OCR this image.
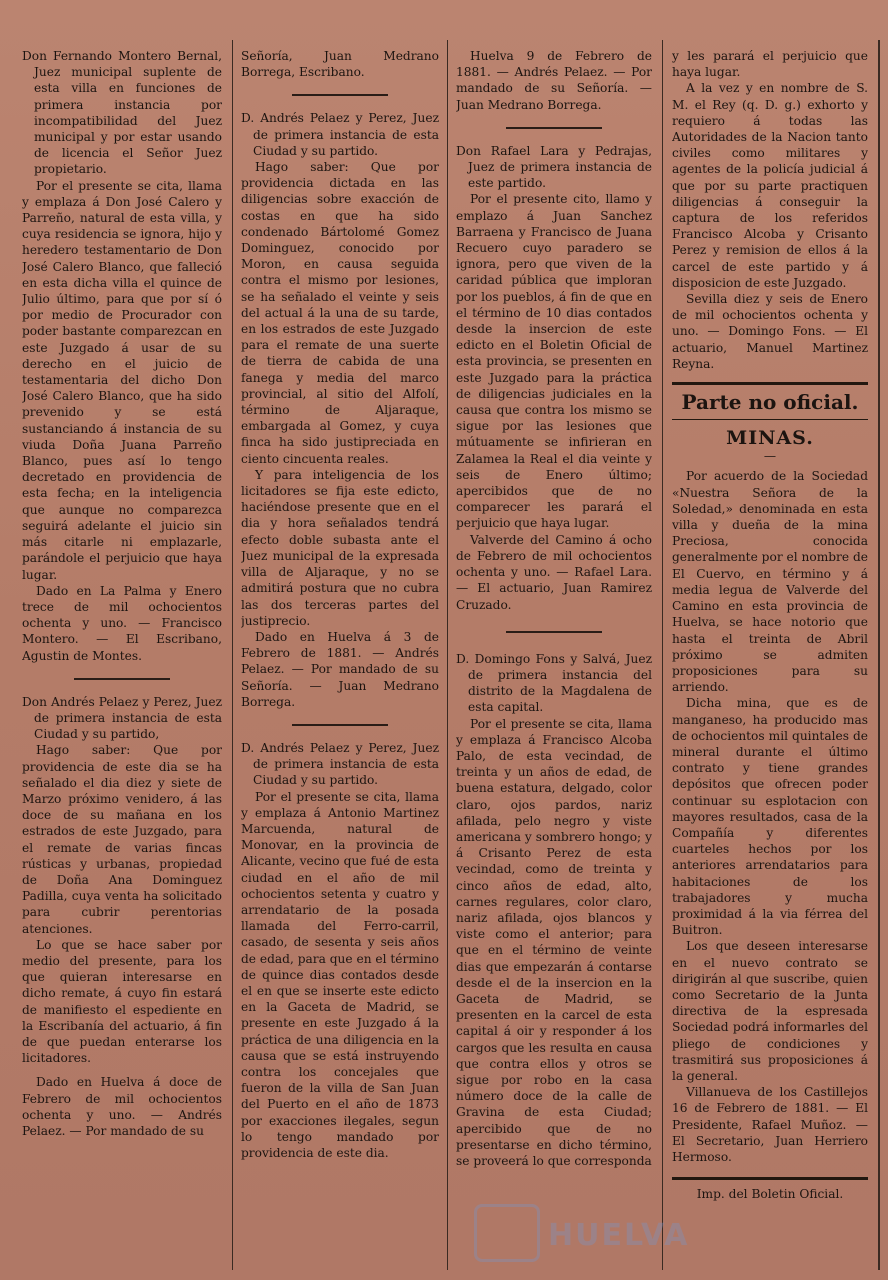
Don Fernando Montero Bernal, Juez municipal suplente de esta villa en funciones de primera instancia por incompatibilidad del Juez municipal y por estar usando de licencia el Señor Juez propietario.

Por el presente se cita, llama y emplaza á Don José Calero y Parreño, natural de esta villa, y cuya residencia se ignora, hijo y heredero testamentario de Don José Calero Blanco, que falleció en esta dicha villa el quince de Julio último, para que por sí ó por medio de Procurador con poder bastante comparezcan en este Juzgado á usar de su derecho en el juicio de testamentaria del dicho Don José Calero Blanco, que ha sido prevenido y se está sustanciando á instancia de su viuda Doña Juana Parreño Blanco, pues así lo tengo decretado en providencia de esta fecha; en la inteligencia que aunque no comparezca seguirá adelante el juicio sin más citarle ni emplazarle, parándole el perjuicio que haya lugar.

Dado en La Palma y Enero trece de mil ochocientos ochenta y uno. — Francisco Montero. — El Escribano, Agustin de Montes.

Don Andrés Pelaez y Perez, Juez de primera instancia de esta Ciudad y su partido,

Hago saber: Que por providencia de este dia se ha señalado el dia diez y siete de Marzo próximo venidero, á las doce de su mañana en los estrados de este Juzgado, para el remate de varias fincas rústicas y urbanas, propiedad de Doña Ana Dominguez Padilla, cuya venta ha solicitado para cubrir perentorias atenciones.

Lo que se hace saber por medio del presente, para los que quieran interesarse en dicho remate, á cuyo fin estará de manifiesto el espediente en la Escribanía del actuario, á fin de que puedan enterarse los licitadores.

Dado en Huelva á doce de Febrero de mil ochocientos ochenta y uno. — Andrés Pelaez. — Por mandado de su

Señoría, Juan Medrano Borrega, Escribano.

D. Andrés Pelaez y Perez, Juez de primera instancia de esta Ciudad y su partido.

Hago saber: Que por providencia dictada en las diligencias sobre exacción de costas en que ha sido condenado Bártolomé Gomez Dominguez, conocido por Moron, en causa seguida contra el mismo por lesiones, se ha señalado el veinte y seis del actual á la una de su tarde, en los estrados de este Juzgado para el remate de una suerte de tierra de cabida de una fanega y media del marco provincial, al sitio del Alfolí, término de Aljaraque, embargada al Gomez, y cuya finca ha sido justipreciada en ciento cincuenta reales.

Y para inteligencia de los licitadores se fija este edicto, haciéndose presente que en el dia y hora señalados tendrá efecto doble subasta ante el Juez municipal de la expresada villa de Aljaraque, y no se admitirá postura que no cubra las dos terceras partes del justiprecio.

Dado en Huelva á 3 de Febrero de 1881. — Andrés Pelaez. — Por mandado de su Señoría. — Juan Medrano Borrega.

D. Andrés Pelaez y Perez, Juez de primera instancia de esta Ciudad y su partido.

Por el presente se cita, llama y emplaza á Antonio Martinez Marcuenda, natural de Monovar, en la provincia de Alicante, vecino que fué de esta ciudad en el año de mil ochocientos setenta y cuatro y arrendatario de la posada llamada del Ferro-carril, casado, de sesenta y seis años de edad, para que en el término de quince dias contados desde el en que se inserte este edicto en la Gaceta de Madrid, se presente en este Juzgado á la práctica de una diligencia en la causa que se está instruyendo contra los concejales que fueron de la villa de San Juan del Puerto en el año de 1873 por exacciones ilegales, segun lo tengo mandado por providencia de este dia.

Huelva 9 de Febrero de 1881. — Andrés Pelaez. — Por mandado de su Señoría. — Juan Medrano Borrega.

Don Rafael Lara y Pedrajas, Juez de primera instancia de este partido.

Por el presente cito, llamo y emplazo á Juan Sanchez Barraena y Francisco de Juana Recuero cuyo paradero se ignora, pero que viven de la caridad pública que imploran por los pueblos, á fin de que en el término de 10 dias contados desde la insercion de este edicto en el Boletin Oficial de esta provincia, se presenten en este Juzgado para la práctica de diligencias judiciales en la causa que contra los mismo se sigue por las lesiones que mútuamente se infirieran en Zalamea la Real el dia veinte y seis de Enero último; apercibidos que de no comparecer les parará el perjuicio que haya lugar.

Valverde del Camino á ocho de Febrero de mil ochocientos ochenta y uno. — Rafael Lara. — El actuario, Juan Ramirez Cruzado.

D. Domingo Fons y Salvá, Juez de primera instancia del distrito de la Magdalena de esta capital.

Por el presente se cita, llama y emplaza á Francisco Alcoba Palo, de esta vecindad, de treinta y un años de edad, de buena estatura, delgado, color claro, ojos pardos, nariz afilada, pelo negro y viste americana y sombrero hongo; y á Crisanto Perez de esta vecindad, como de treinta y cinco años de edad, alto, carnes regulares, color claro, nariz afilada, ojos blancos y viste como el anterior; para que en el término de veinte dias que empezarán á contarse desde el de la insercion en la Gaceta de Madrid, se presenten en la carcel de esta capital á oir y responder á los cargos que les resulta en causa que contra ellos y otros se sigue por robo en la casa número doce de la calle de Gravina de esta Ciudad; apercibido que de no presentarse en dicho término, se proveerá lo que corresponda

y les parará el perjuicio que haya lugar.

A la vez y en nombre de S. M. el Rey (q. D. g.) exhorto y requiero á todas las Autoridades de la Nacion tanto civiles como militares y agentes de la policía judicial á que por su parte practiquen diligencias á conseguir la captura de los referidos Francisco Alcoba y Crisanto Perez y remision de ellos á la carcel de este partido y á disposicion de este Juzgado.

Sevilla diez y seis de Enero de mil ochocientos ochenta y uno. — Domingo Fons. — El actuario, Manuel Martinez Reyna.

Parte no oficial.
MINAS.
—

Por acuerdo de la Sociedad «Nuestra Señora de la Soledad,» denominada en esta villa y dueña de la mina Preciosa, conocida generalmente por el nombre de El Cuervo, en término y á media legua de Valverde del Camino en esta provincia de Huelva, se hace notorio que hasta el treinta de Abril próximo se admiten proposiciones para su arriendo.

Dicha mina, que es de manganeso, ha producido mas de ochocientos mil quintales de mineral durante el último contrato y tiene grandes depósitos que ofrecen poder continuar su esplotacion con mayores resultados, casa de la Compañía y diferentes cuarteles hechos por los anteriores arrendatarios para habitaciones de los trabajadores y mucha proximidad á la via férrea del Buitron.

Los que deseen interesarse en el nuevo contrato se dirigirán al que suscribe, quien como Secretario de la Junta directiva de la espresada Sociedad podrá informarles del pliego de condiciones y trasmitirá sus proposiciones á la general.

Villanueva de los Castillejos 16 de Febrero de 1881. — El Presidente, Rafael Muñoz. — El Secretario, Juan Herriero Hermoso.

Imp. del Boletin Oficial.
HUELVA
